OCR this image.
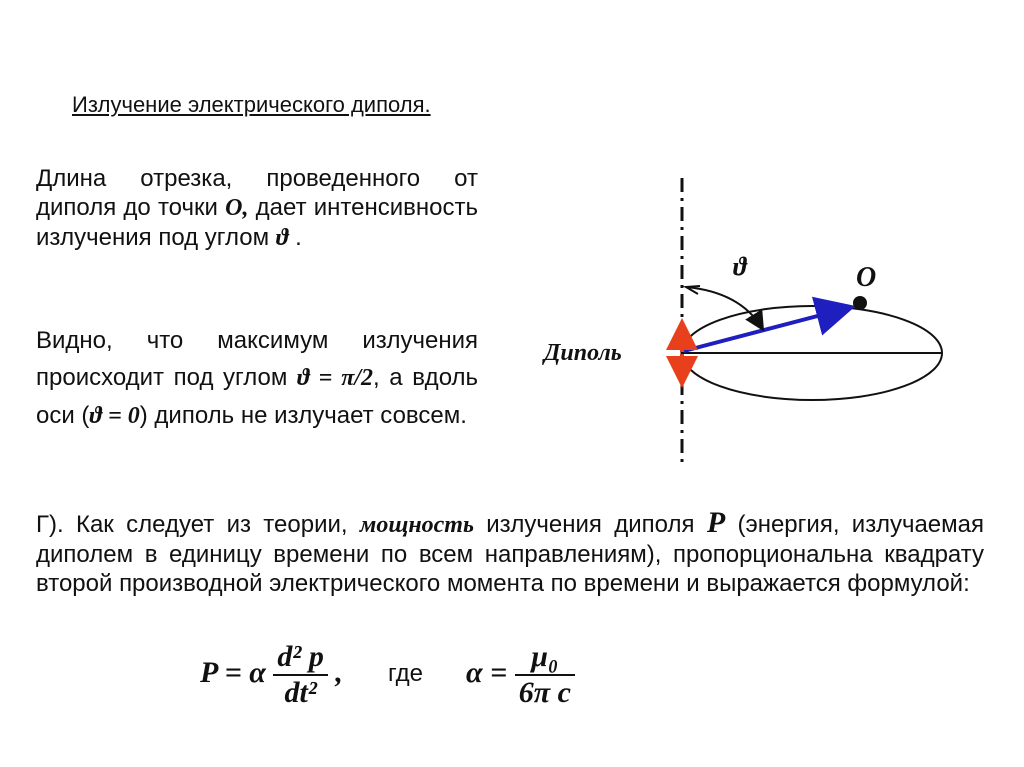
Излучение электрического диполя.
Длина отрезка, проведенного от диполя до точки О, дает интенсивность излучения под углом ϑ .
Видно, что максимум излучения происходит под углом ϑ = π/2, а вдоль оси (ϑ = 0) диполь не излучает совсем.
Г). Как следует из теории, мощность излучения диполя P (энергия, излучаемая диполем в единицу времени по всем направлениям), пропорциональна квадрату второй производной электрического момента по времени и выражается формулой:
P = α $\frac{\text{d² p}}{\text{dt²}}$ , где $\alpha = \frac{\text{μ₀}}{\text{6π c}}$
Диполь
ϑ	O
